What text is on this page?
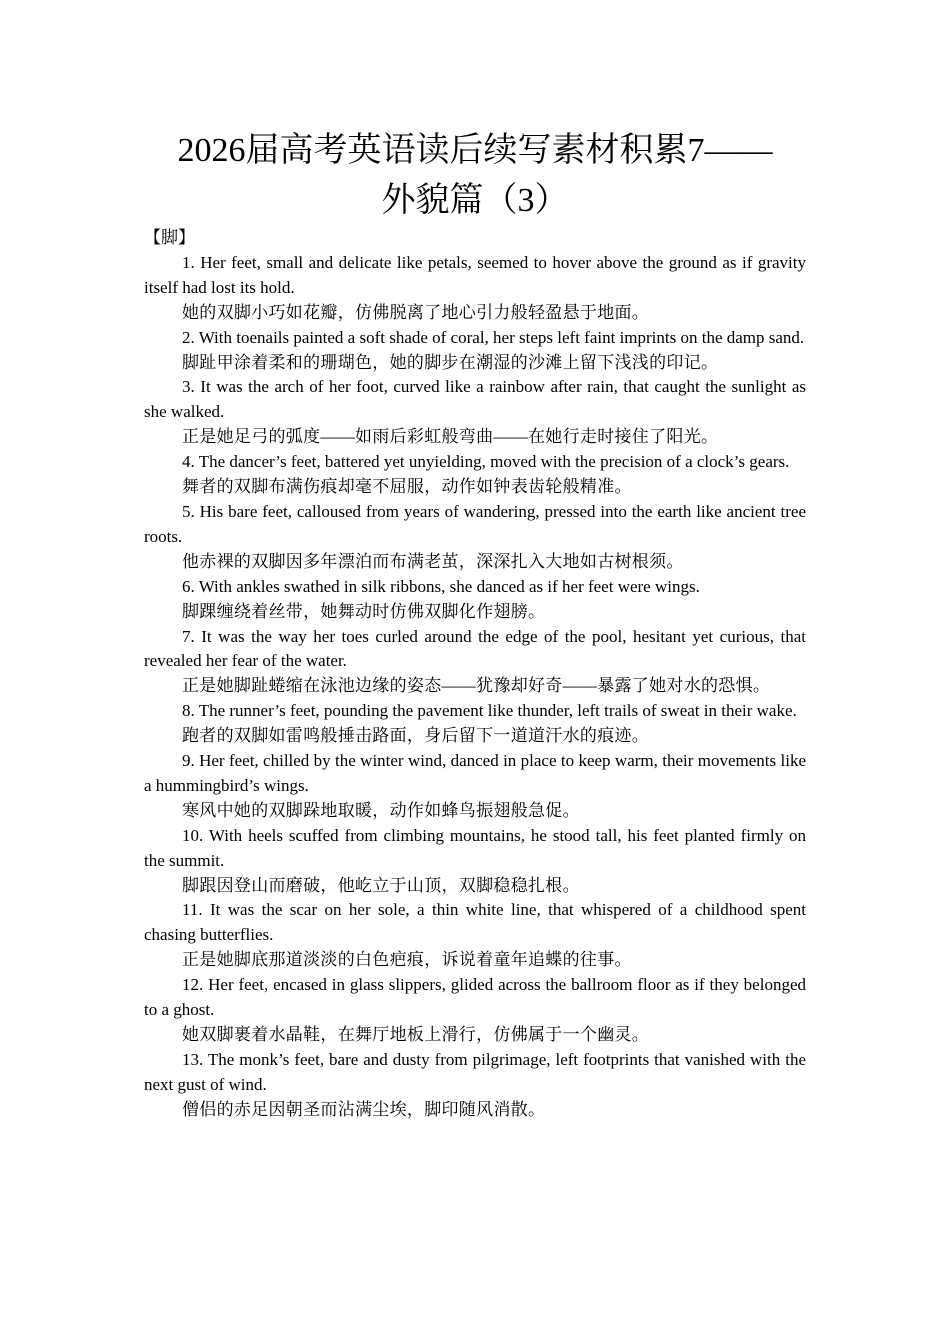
2026届高考英语读后续写素材积累7——
外貌篇（3）
【脚】

1. Her feet, small and delicate like petals, seemed to hover above the ground as if gravity itself had lost its hold.

她的双脚小巧如花瓣，仿佛脱离了地心引力般轻盈悬于地面。

2. With toenails painted a soft shade of coral, her steps left faint imprints on the damp sand.

脚趾甲涂着柔和的珊瑚色，她的脚步在潮湿的沙滩上留下浅浅的印记。

3. It was the arch of her foot, curved like a rainbow after rain, that caught the sunlight as she walked.

正是她足弓的弧度——如雨后彩虹般弯曲——在她行走时接住了阳光。

4. The dancer’s feet, battered yet unyielding, moved with the precision of a clock’s gears.

舞者的双脚布满伤痕却毫不屈服，动作如钟表齿轮般精准。

5. His bare feet, calloused from years of wandering, pressed into the earth like ancient tree roots.

他赤裸的双脚因多年漂泊而布满老茧，深深扎入大地如古树根须。

6. With ankles swathed in silk ribbons, she danced as if her feet were wings.

脚踝缠绕着丝带，她舞动时仿佛双脚化作翅膀。

7. It was the way her toes curled around the edge of the pool, hesitant yet curious, that revealed her fear of the water.

正是她脚趾蜷缩在泳池边缘的姿态——犹豫却好奇——暴露了她对水的恐惧。

8. The runner’s feet, pounding the pavement like thunder, left trails of sweat in their wake.

跑者的双脚如雷鸣般捶击路面，身后留下一道道汗水的痕迹。

9. Her feet, chilled by the winter wind, danced in place to keep warm, their movements like a hummingbird’s wings.

寒风中她的双脚跺地取暖，动作如蜂鸟振翅般急促。

10. With heels scuffed from climbing mountains, he stood tall, his feet planted firmly on the summit.

脚跟因登山而磨破，他屹立于山顶，双脚稳稳扎根。

11. It was the scar on her sole, a thin white line, that whispered of a childhood spent chasing butterflies.

正是她脚底那道淡淡的白色疤痕，诉说着童年追蝶的往事。

12. Her feet, encased in glass slippers, glided across the ballroom floor as if they belonged to a ghost.

她双脚裹着水晶鞋，在舞厅地板上滑行，仿佛属于一个幽灵。

13. The monk’s feet, bare and dusty from pilgrimage, left footprints that vanished with the next gust of wind.

僧侣的赤足因朝圣而沾满尘埃，脚印随风消散。
